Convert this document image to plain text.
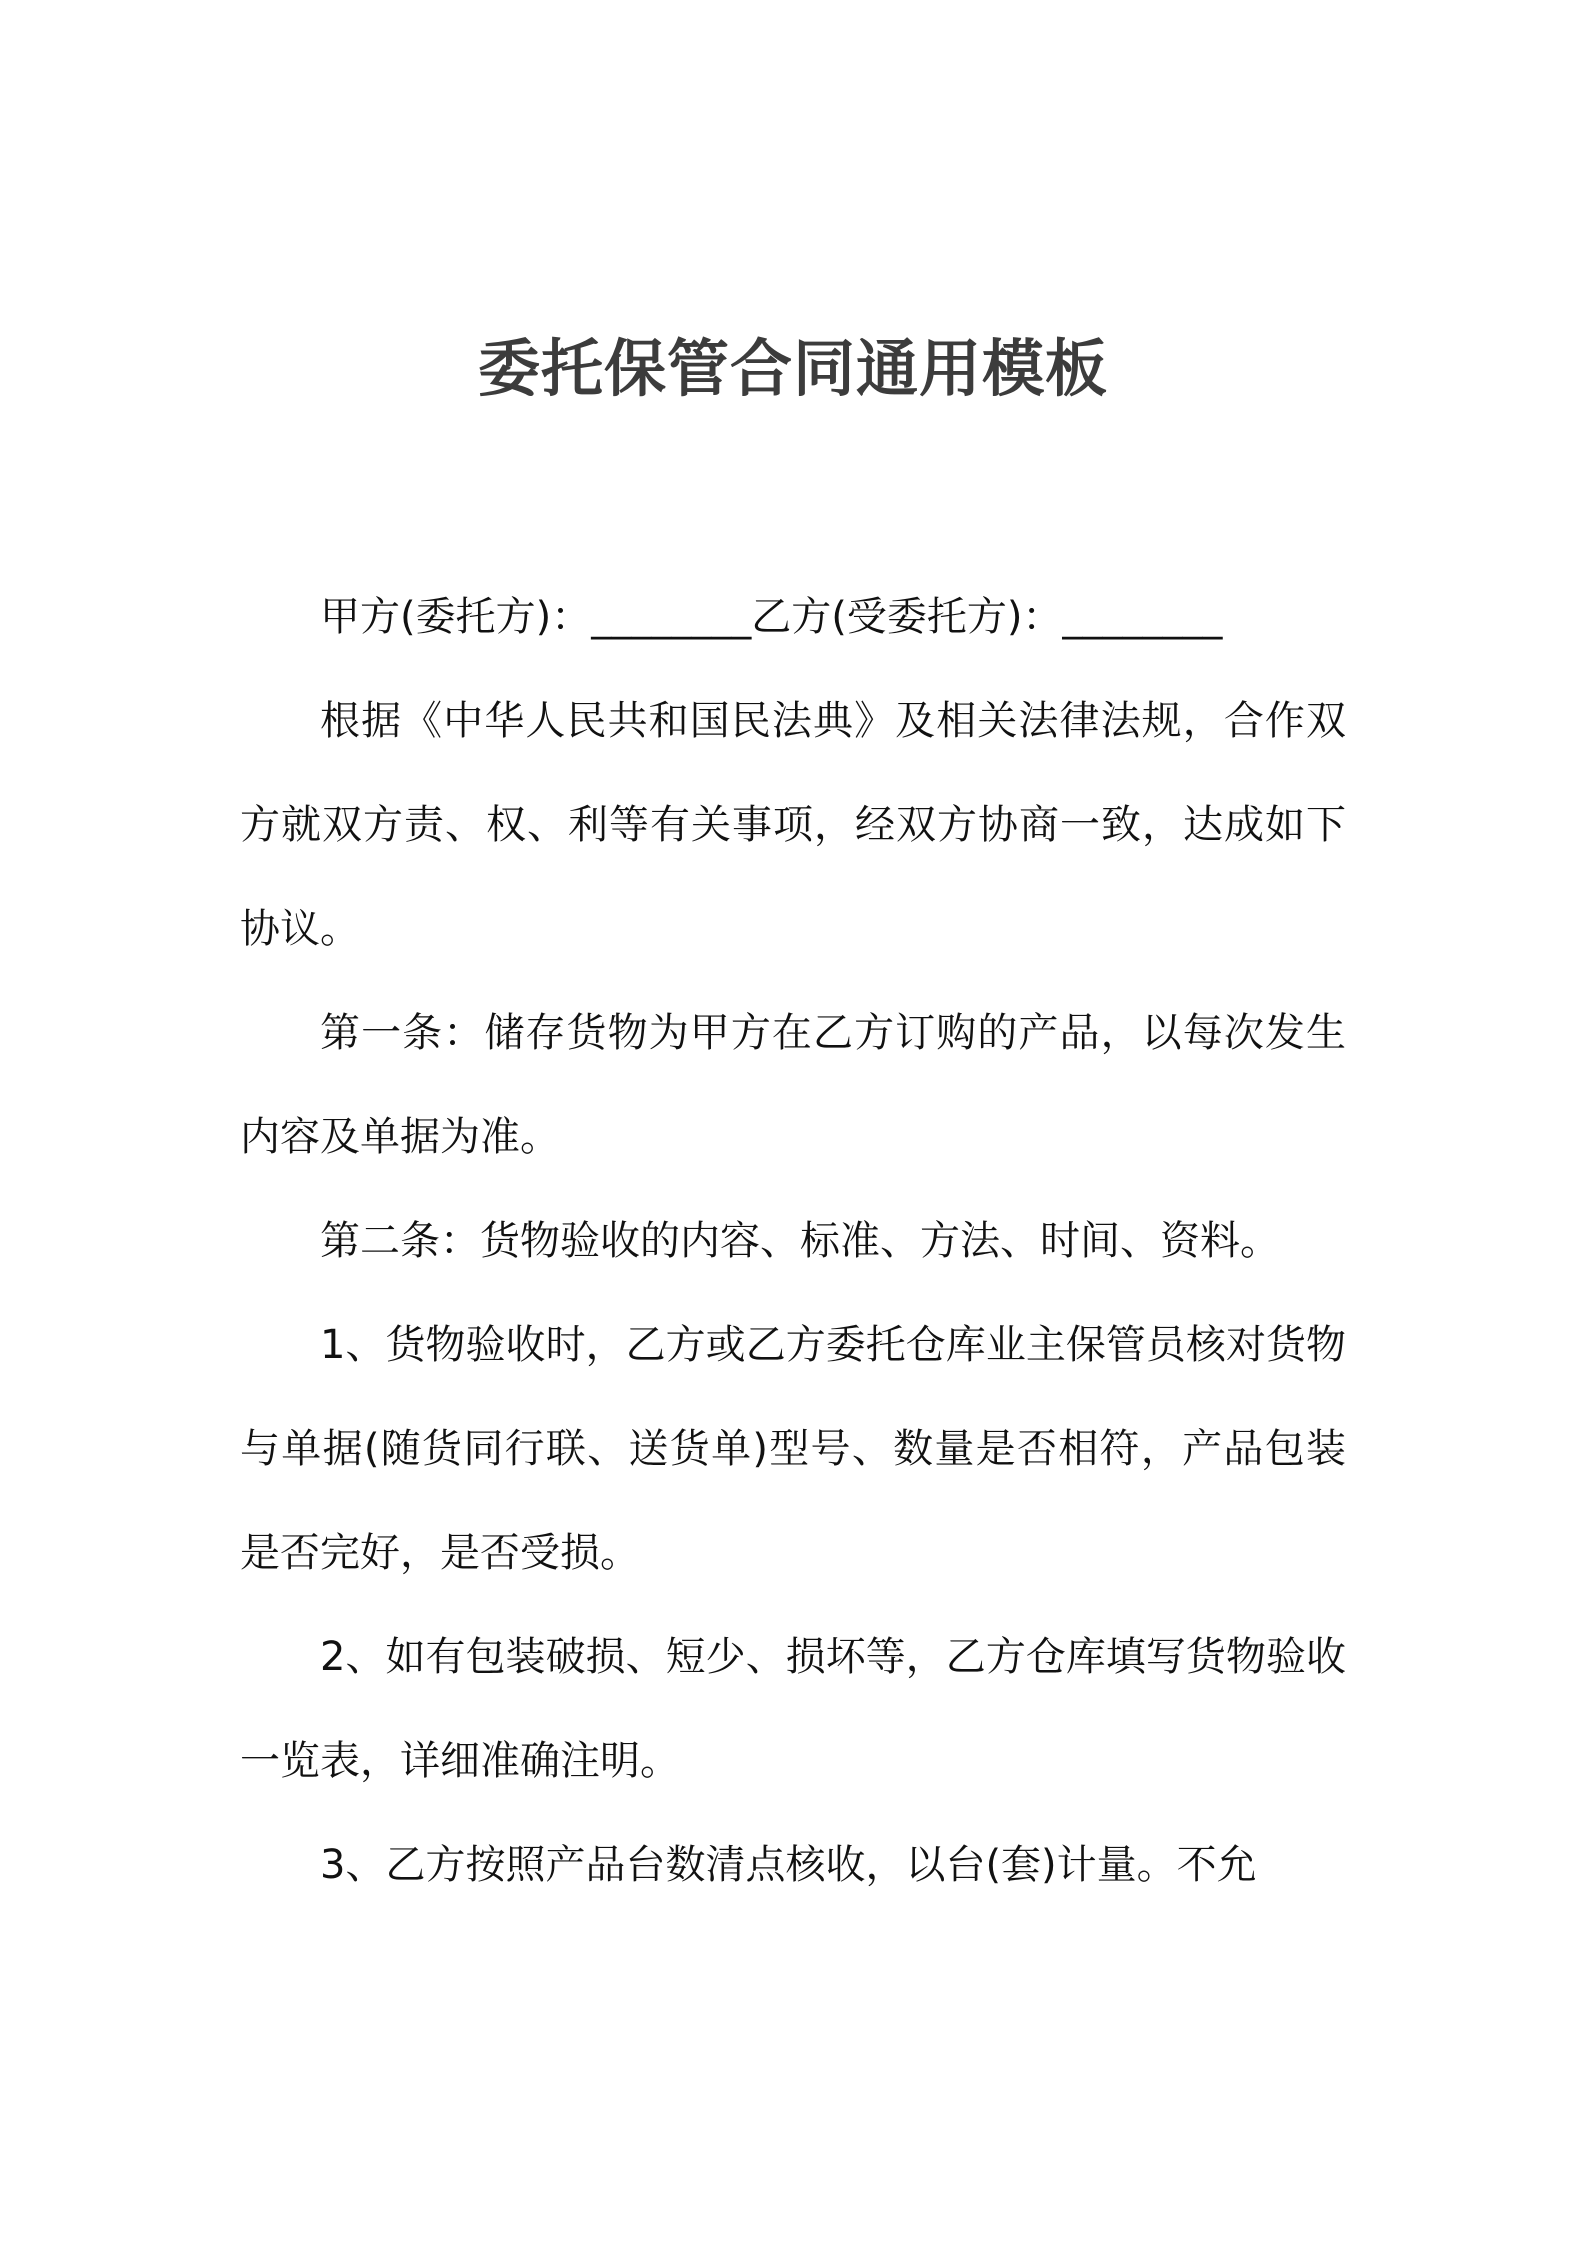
委托保管合同通用模板

甲方(委托方)：________乙方(受委托方)：________

根据《中华人民共和国民法典》及相关法律法规，合作双方就双方责、权、利等有关事项，经双方协商一致，达成如下协议。

第一条：储存货物为甲方在乙方订购的产品，以每次发生内容及单据为准。

第二条：货物验收的内容、标准、方法、时间、资料。

1、货物验收时，乙方或乙方委托仓库业主保管员核对货物与单据(随货同行联、送货单)型号、数量是否相符，产品包装是否完好，是否受损。

2、如有包装破损、短少、损坏等，乙方仓库填写货物验收一览表，详细准确注明。

3、乙方按照产品台数清点核收，以台(套)计量。不允
